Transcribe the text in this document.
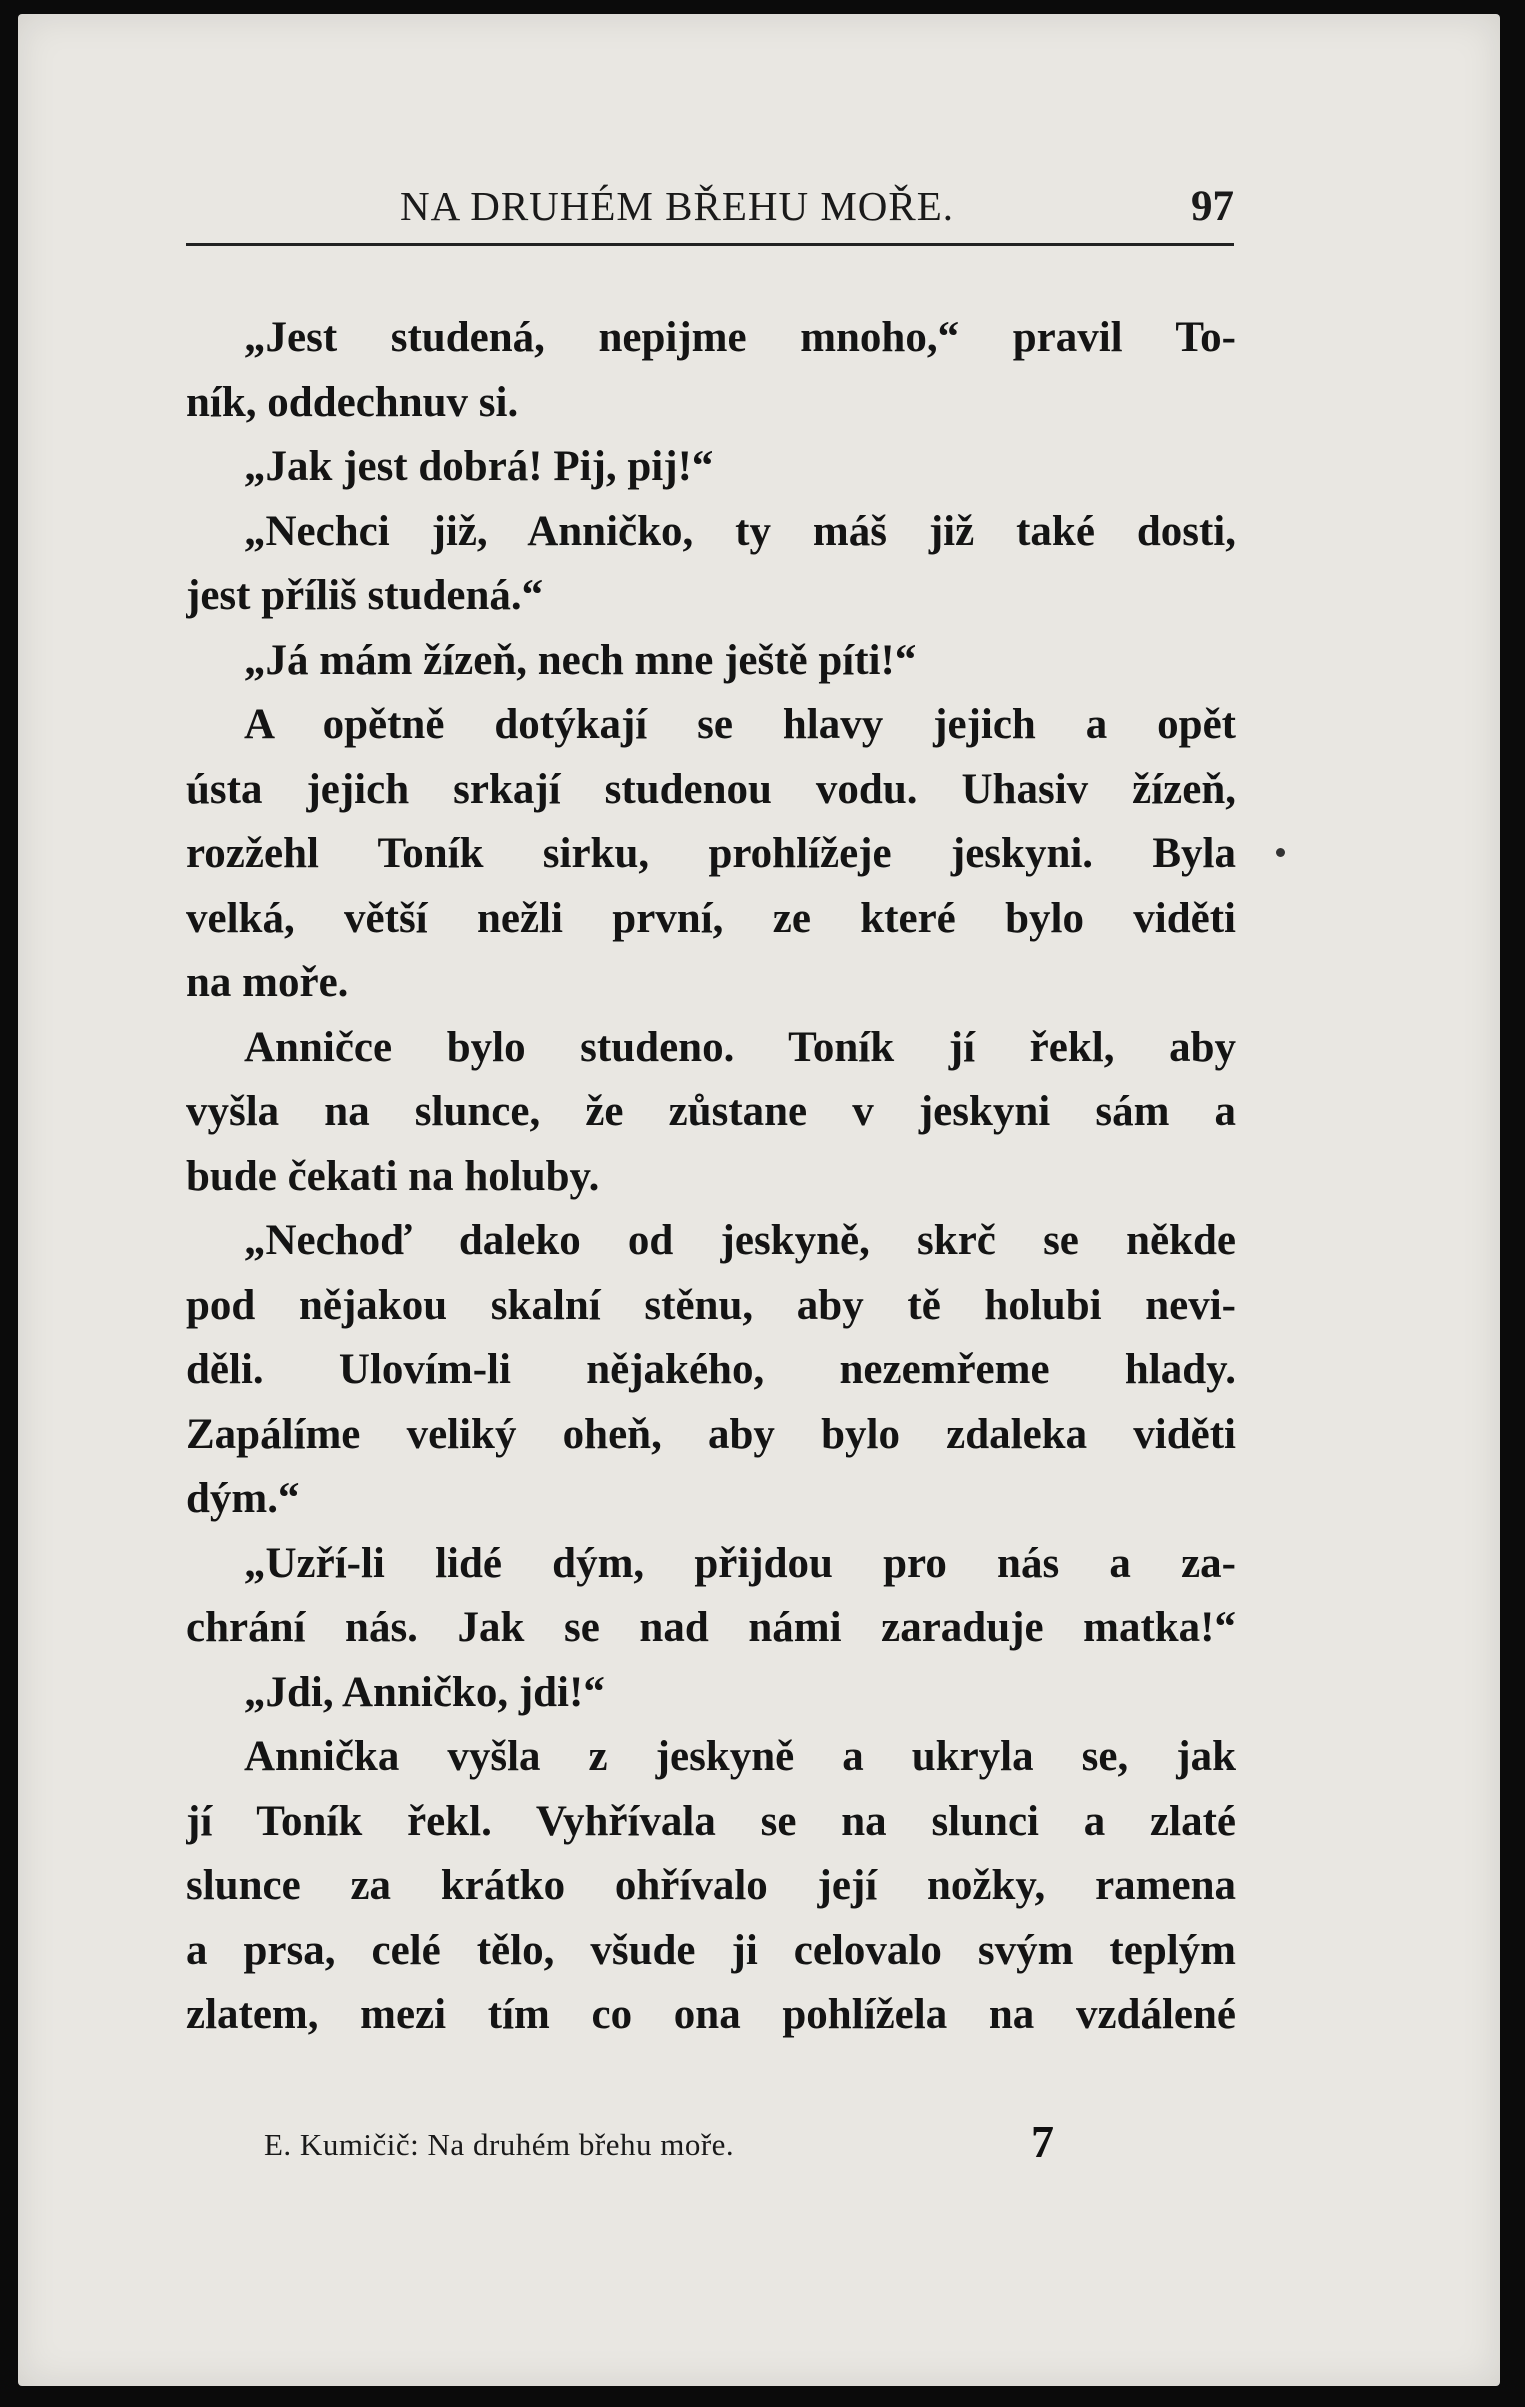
NA DRUHÉM BŘEHU MOŘE.	97
„Jest studená, nepijme mnoho,“ pravil To-
ník, oddechnuv si.
„Jak jest dobrá! Pij, pij!“
„Nechci již, Anničko, ty máš již také dosti,
jest příliš studená.“
„Já mám žízeň, nech mne ještě píti!“
A opětně dotýkají se hlavy jejich a opět
ústa jejich srkají studenou vodu. Uhasiv žízeň,
rozžehl Toník sirku, prohlížeje jeskyni. Byla
velká, větší nežli první, ze které bylo viděti
na moře.
Anničce bylo studeno. Toník jí řekl, aby
vyšla na slunce, že zůstane v jeskyni sám a
bude čekati na holuby.
„Nechoď daleko od jeskyně, skrč se někde
pod nějakou skalní stěnu, aby tě holubi nevi-
děli. Ulovím-li nějakého, nezemřeme hlady.
Zapálíme veliký oheň, aby bylo zdaleka viděti
dým.“
„Uzří-li lidé dým, přijdou pro nás a za-
chrání nás. Jak se nad námi zaraduje matka!“
„Jdi, Anničko, jdi!“
Annička vyšla z jeskyně a ukryla se, jak
jí Toník řekl. Vyhřívala se na slunci a zlaté
slunce za krátko ohřívalo její nožky, ramena
a prsa, celé tělo, všude ji celovalo svým teplým
zlatem, mezi tím co ona pohlížela na vzdálené
E. Kumičič: Na druhém břehu moře.	7
